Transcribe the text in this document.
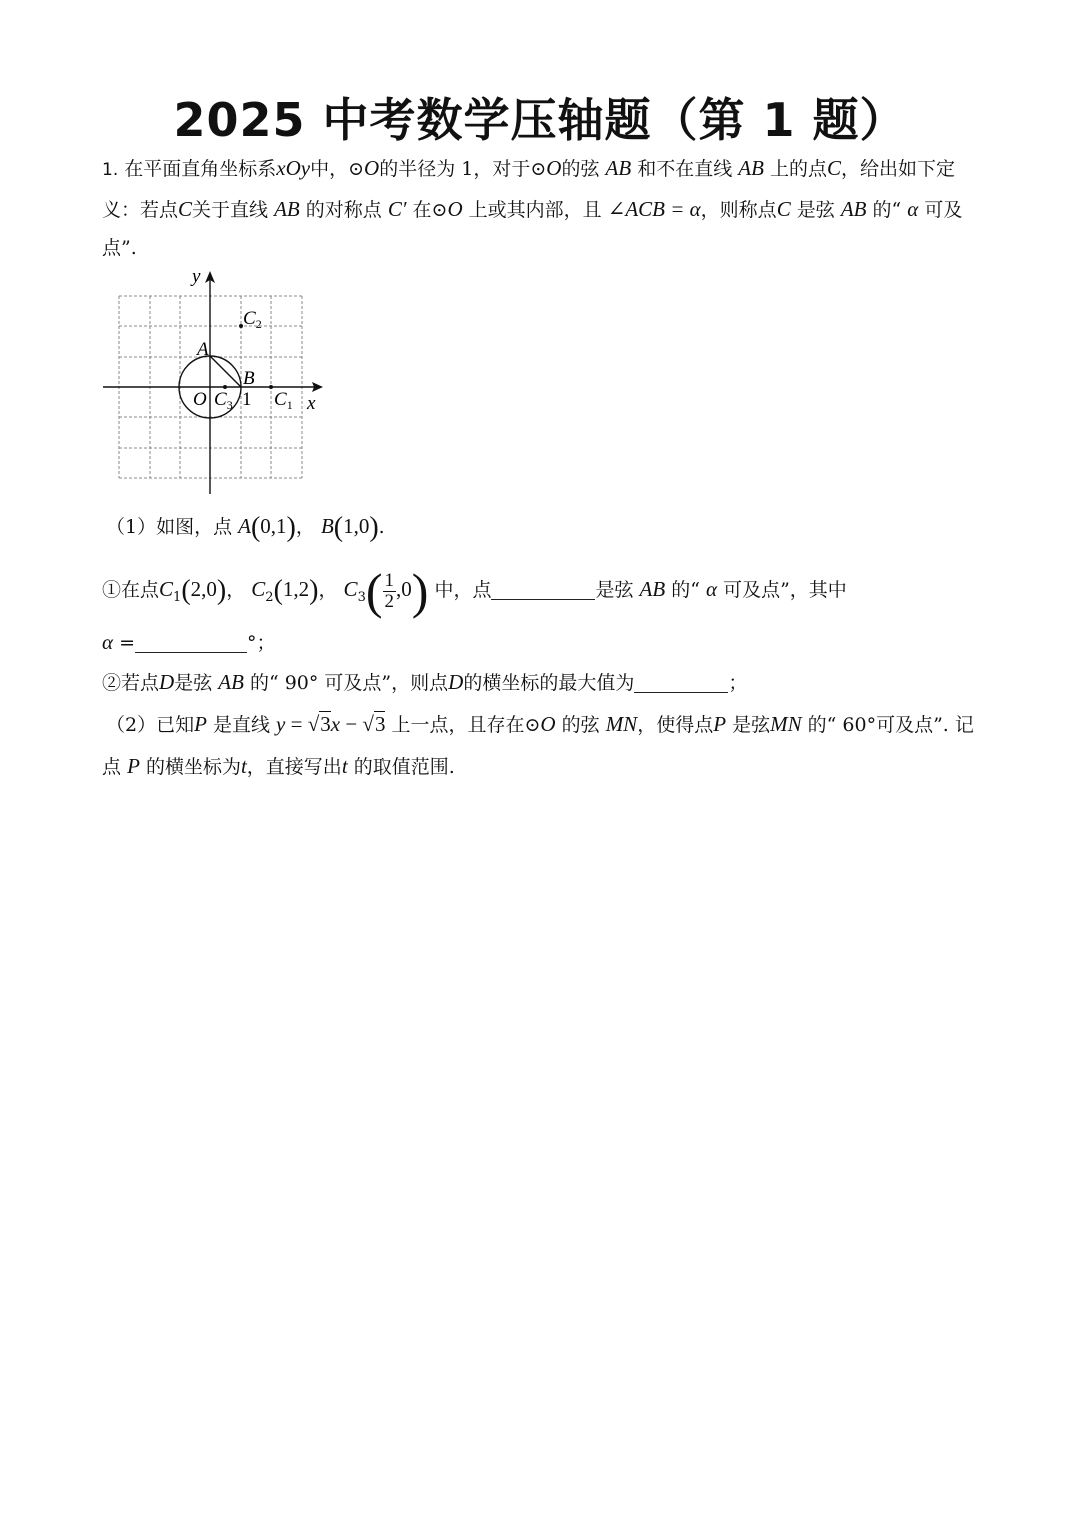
2025 中考数学压轴题（第 1 题）
1. 在平面直角坐标系xOy中，⊙O的半径为 1，对于⊙O的弦 AB 和不在直线 AB 上的点C，给出如下定
义：若点C关于直线 AB 的对称点 C′ 在⊙O 上或其内部，且 ∠ACB = α，则称点C 是弦 AB 的“ α 可及
点”.
y
x
A
B
O $C_3$ 1 $C_1$
$C_2$
（1）如图，点 A(0,1)， B(1,0).
①在点$C_1(2,0)$， $C_2(1,2)$， $C_3( \frac{1}{2} ,0)$ 中，点	是弦 AB 的“ α 可及点”，其中
α =	°；
②若点D是弦 AB 的“ 90° 可及点”，则点D的横坐标的最大值为	；
（2）已知P 是直线 y = √3x − √3 上一点，且存在⊙O 的弦 MN，使得点P 是弦MN 的“ 60°可及点”. 记
点 P 的横坐标为t，直接写出t 的取值范围.
